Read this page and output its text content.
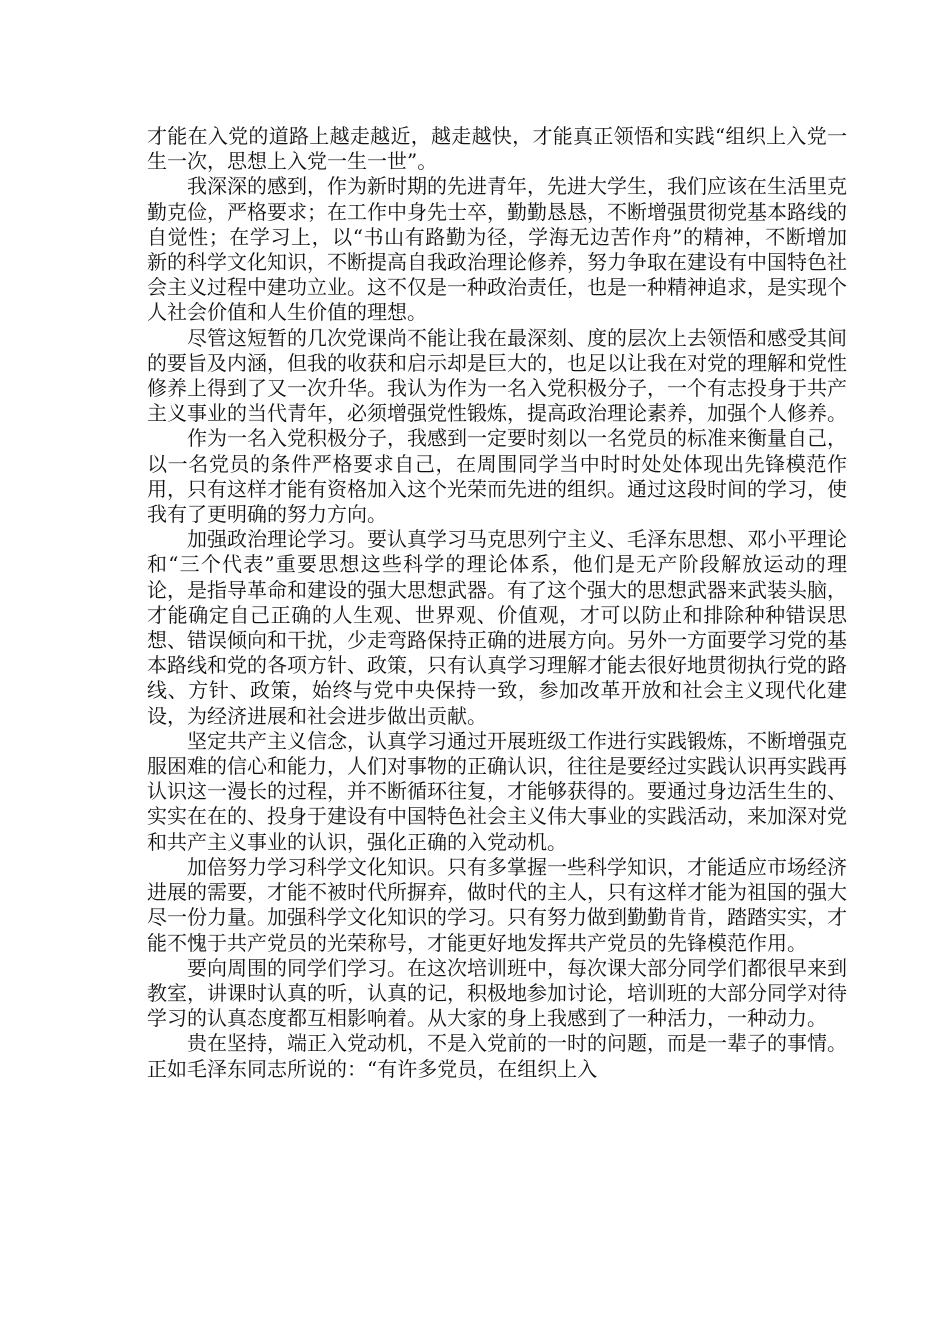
才能在入党的道路上越走越近，越走越快，才能真正领悟和实践“组织上入党一生一次，思想上入党一生一世”。

我深深的感到，作为新时期的先进青年，先进大学生，我们应该在生活里克勤克俭，严格要求；在工作中身先士卒，勤勤恳恳，不断增强贯彻党基本路线的自觉性；在学习上，以“书山有路勤为径，学海无边苦作舟”的精神，不断增加新的科学文化知识，不断提高自我政治理论修养，努力争取在建设有中国特色社会主义过程中建功立业。这不仅是一种政治责任，也是一种精神追求，是实现个人社会价值和人生价值的理想。

尽管这短暂的几次党课尚不能让我在最深刻、度的层次上去领悟和感受其间的要旨及内涵，但我的收获和启示却是巨大的，也足以让我在对党的理解和党性修养上得到了又一次升华。我认为作为一名入党积极分子，一个有志投身于共产主义事业的当代青年，必须增强党性锻炼，提高政治理论素养，加强个人修养。

作为一名入党积极分子，我感到一定要时刻以一名党员的标准来衡量自己，以一名党员的条件严格要求自己，在周围同学当中时时处处体现出先锋模范作用，只有这样才能有资格加入这个光荣而先进的组织。通过这段时间的学习，使我有了更明确的努力方向。

加强政治理论学习。要认真学习马克思列宁主义、毛泽东思想、邓小平理论和“三个代表”重要思想这些科学的理论体系，他们是无产阶段解放运动的理论，是指导革命和建设的强大思想武器。有了这个强大的思想武器来武装头脑，才能确定自己正确的人生观、世界观、价值观，才可以防止和排除种种错误思想、错误倾向和干扰，少走弯路保持正确的进展方向。另外一方面要学习党的基本路线和党的各项方针、政策，只有认真学习理解才能去很好地贯彻执行党的路线、方针、政策，始终与党中央保持一致，参加改革开放和社会主义现代化建设，为经济进展和社会进步做出贡献。

坚定共产主义信念，认真学习通过开展班级工作进行实践锻炼，不断增强克服困难的信心和能力，人们对事物的正确认识，往往是要经过实践认识再实践再认识这一漫长的过程，并不断循环往复，才能够获得的。要通过身边活生生的、实实在在的、投身于建设有中国特色社会主义伟大事业的实践活动，来加深对党和共产主义事业的认识，强化正确的入党动机。

加倍努力学习科学文化知识。只有多掌握一些科学知识，才能适应市场经济进展的需要，才能不被时代所摒弃，做时代的主人，只有这样才能为祖国的强大尽一份力量。加强科学文化知识的学习。只有努力做到勤勤肯肯，踏踏实实，才能不愧于共产党员的光荣称号，才能更好地发挥共产党员的先锋模范作用。

要向周围的同学们学习。在这次培训班中，每次课大部分同学们都很早来到教室，讲课时认真的听，认真的记，积极地参加讨论，培训班的大部分同学对待学习的认真态度都互相影响着。从大家的身上我感到了一种活力，一种动力。

贵在坚持，端正入党动机，不是入党前的一时的问题，而是一辈子的事情。正如毛泽东同志所说的：“有许多党员，在组织上入
